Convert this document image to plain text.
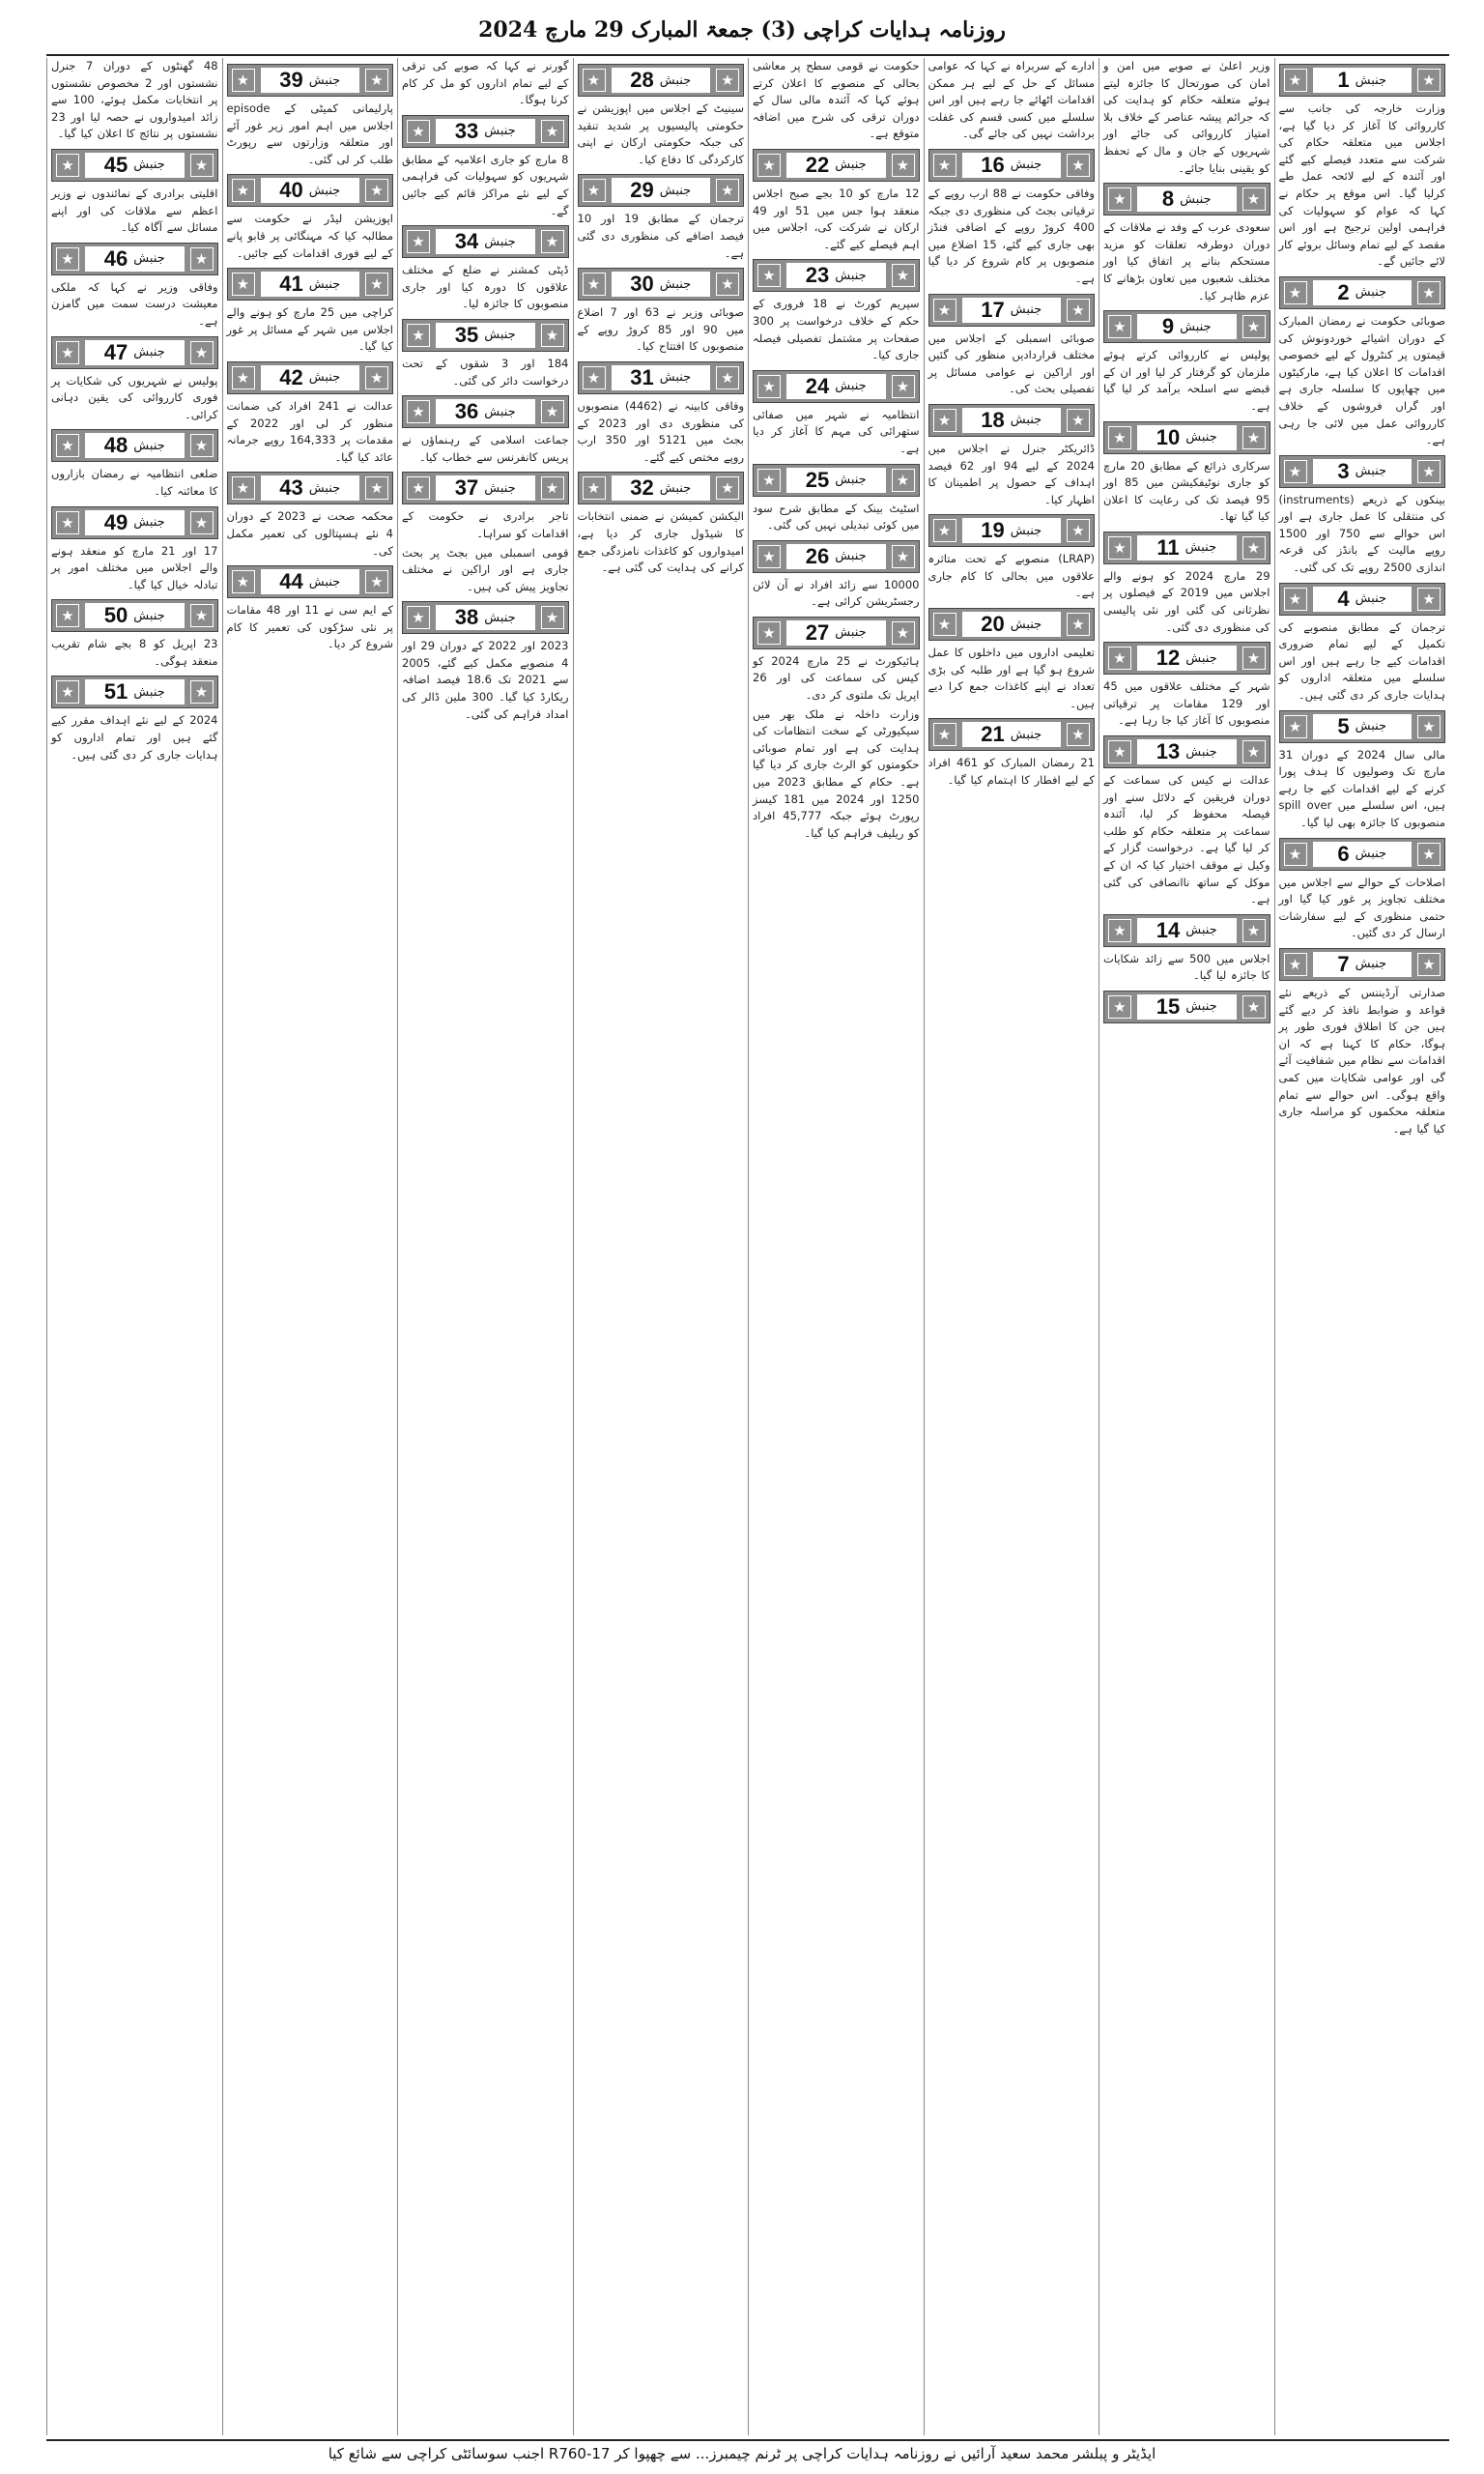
روزنامہ ہدایات کراچی (3) جمعۃ المبارک 29 مارچ 2024
★	جنبش
1	★

وزارت خارجہ کی جانب سے کارروائی کا آغاز کر دیا گیا ہے، اجلاس میں متعلقہ حکام کی شرکت سے متعدد فیصلے کیے گئے اور آئندہ کے لیے لائحہ عمل طے کرلیا گیا۔ اس موقع پر حکام نے کہا کہ عوام کو سہولیات کی فراہمی اولین ترجیح ہے اور اس مقصد کے لیے تمام وسائل بروئے کار لائے جائیں گے۔

★	جنبش
2	★

صوبائی حکومت نے رمضان المبارک کے دوران اشیائے خوردونوش کی قیمتوں پر کنٹرول کے لیے خصوصی اقدامات کا اعلان کیا ہے، مارکیٹوں میں چھاپوں کا سلسلہ جاری ہے اور گراں فروشوں کے خلاف کارروائی عمل میں لائی جا رہی ہے۔

★	جنبش
3	★

بینکوں کے ذریعے (instruments) کی منتقلی کا عمل جاری ہے اور اس حوالے سے 750 اور 1500 روپے مالیت کے بانڈز کی قرعہ اندازی 2500 روپے تک کی گئی۔

★	جنبش
4	★

ترجمان کے مطابق منصوبے کی تکمیل کے لیے تمام ضروری اقدامات کیے جا رہے ہیں اور اس سلسلے میں متعلقہ اداروں کو ہدایات جاری کر دی گئی ہیں۔

★	جنبش
5	★

مالی سال 2024 کے دوران 31 مارچ تک وصولیوں کا ہدف پورا کرنے کے لیے اقدامات کیے جا رہے ہیں، اس سلسلے میں spill over منصوبوں کا جائزہ بھی لیا گیا۔

★	جنبش
6	★

اصلاحات کے حوالے سے اجلاس میں مختلف تجاویز پر غور کیا گیا اور حتمی منظوری کے لیے سفارشات ارسال کر دی گئیں۔

★	جنبش
7	★

صدارتی آرڈیننس کے ذریعے نئے قواعد و ضوابط نافذ کر دیے گئے ہیں جن کا اطلاق فوری طور پر ہوگا، حکام کا کہنا ہے کہ ان اقدامات سے نظام میں شفافیت آئے گی اور عوامی شکایات میں کمی واقع ہوگی۔ اس حوالے سے تمام متعلقہ محکموں کو مراسلہ جاری کیا گیا ہے۔

وزیر اعلیٰ نے صوبے میں امن و امان کی صورتحال کا جائزہ لیتے ہوئے متعلقہ حکام کو ہدایت کی کہ جرائم پیشہ عناصر کے خلاف بلا امتیاز کارروائی کی جائے اور شہریوں کے جان و مال کے تحفظ کو یقینی بنایا جائے۔

★	جنبش
8	★

سعودی عرب کے وفد نے ملاقات کے دوران دوطرفہ تعلقات کو مزید مستحکم بنانے پر اتفاق کیا اور مختلف شعبوں میں تعاون بڑھانے کا عزم ظاہر کیا۔

★	جنبش
9	★

پولیس نے کارروائی کرتے ہوئے ملزمان کو گرفتار کر لیا اور ان کے قبضے سے اسلحہ برآمد کر لیا گیا ہے۔

★	جنبش
10	★

سرکاری ذرائع کے مطابق 20 مارچ کو جاری نوٹیفکیشن میں 85 اور 95 فیصد تک کی رعایت کا اعلان کیا گیا تھا۔

★	جنبش
11	★

29 مارچ 2024 کو ہونے والے اجلاس میں 2019 کے فیصلوں پر نظرثانی کی گئی اور نئی پالیسی کی منظوری دی گئی۔

★	جنبش
12	★

شہر کے مختلف علاقوں میں 45 اور 129 مقامات پر ترقیاتی منصوبوں کا آغاز کیا جا رہا ہے۔

★	جنبش
13	★

عدالت نے کیس کی سماعت کے دوران فریقین کے دلائل سنے اور فیصلہ محفوظ کر لیا، آئندہ سماعت پر متعلقہ حکام کو طلب کر لیا گیا ہے۔ درخواست گزار کے وکیل نے موقف اختیار کیا کہ ان کے موکل کے ساتھ ناانصافی کی گئی ہے۔

★	جنبش
14	★

اجلاس میں 500 سے زائد شکایات کا جائزہ لیا گیا۔

★	جنبش
15	★

ادارے کے سربراہ نے کہا کہ عوامی مسائل کے حل کے لیے ہر ممکن اقدامات اٹھائے جا رہے ہیں اور اس سلسلے میں کسی قسم کی غفلت برداشت نہیں کی جائے گی۔

★	جنبش
16	★

وفاقی حکومت نے 88 ارب روپے کے ترقیاتی بجٹ کی منظوری دی جبکہ 400 کروڑ روپے کے اضافی فنڈز بھی جاری کیے گئے، 15 اضلاع میں منصوبوں پر کام شروع کر دیا گیا ہے۔

★	جنبش
17	★

صوبائی اسمبلی کے اجلاس میں مختلف قراردادیں منظور کی گئیں اور اراکین نے عوامی مسائل پر تفصیلی بحث کی۔

★	جنبش
18	★

ڈائریکٹر جنرل نے اجلاس میں 2024 کے لیے 94 اور 62 فیصد اہداف کے حصول پر اطمینان کا اظہار کیا۔

★	جنبش
19	★

(LRAP) منصوبے کے تحت متاثرہ علاقوں میں بحالی کا کام جاری ہے۔

★	جنبش
20	★

تعلیمی اداروں میں داخلوں کا عمل شروع ہو گیا ہے اور طلبہ کی بڑی تعداد نے اپنے کاغذات جمع کرا دیے ہیں۔

★	جنبش
21	★

21 رمضان المبارک کو 461 افراد کے لیے افطار کا اہتمام کیا گیا۔

حکومت نے قومی سطح پر معاشی بحالی کے منصوبے کا اعلان کرتے ہوئے کہا کہ آئندہ مالی سال کے دوران ترقی کی شرح میں اضافہ متوقع ہے۔

★	جنبش
22	★

12 مارچ کو 10 بجے صبح اجلاس منعقد ہوا جس میں 51 اور 49 ارکان نے شرکت کی، اجلاس میں اہم فیصلے کیے گئے۔

★	جنبش
23	★

سپریم کورٹ نے 18 فروری کے حکم کے خلاف درخواست پر 300 صفحات پر مشتمل تفصیلی فیصلہ جاری کیا۔

★	جنبش
24	★

انتظامیہ نے شہر میں صفائی ستھرائی کی مہم کا آغاز کر دیا ہے۔

★	جنبش
25	★

اسٹیٹ بینک کے مطابق شرح سود میں کوئی تبدیلی نہیں کی گئی۔

★	جنبش
26	★

10000 سے زائد افراد نے آن لائن رجسٹریشن کرائی ہے۔

★	جنبش
27	★

ہائیکورٹ نے 25 مارچ 2024 کو کیس کی سماعت کی اور 26 اپریل تک ملتوی کر دی۔

وزارت داخلہ نے ملک بھر میں سیکیورٹی کے سخت انتظامات کی ہدایت کی ہے اور تمام صوبائی حکومتوں کو الرٹ جاری کر دیا گیا ہے۔ حکام کے مطابق 2023 میں 1250 اور 2024 میں 181 کیسز رپورٹ ہوئے جبکہ 45,777 افراد کو ریلیف فراہم کیا گیا۔

★	جنبش
28	★

سینیٹ کے اجلاس میں اپوزیشن نے حکومتی پالیسیوں پر شدید تنقید کی جبکہ حکومتی ارکان نے اپنی کارکردگی کا دفاع کیا۔

★	جنبش
29	★

ترجمان کے مطابق 19 اور 10 فیصد اضافے کی منظوری دی گئی ہے۔

★	جنبش
30	★

صوبائی وزیر نے 63 اور 7 اضلاع میں 90 اور 85 کروڑ روپے کے منصوبوں کا افتتاح کیا۔

★	جنبش
31	★

وفاقی کابینہ نے (4462) منصوبوں کی منظوری دی اور 2023 کے بجٹ میں 5121 اور 350 ارب روپے مختص کیے گئے۔

★	جنبش
32	★

الیکشن کمیشن نے ضمنی انتخابات کا شیڈول جاری کر دیا ہے، امیدواروں کو کاغذات نامزدگی جمع کرانے کی ہدایت کی گئی ہے۔

گورنر نے کہا کہ صوبے کی ترقی کے لیے تمام اداروں کو مل کر کام کرنا ہوگا۔

★	جنبش
33	★

8 مارچ کو جاری اعلامیہ کے مطابق شہریوں کو سہولیات کی فراہمی کے لیے نئے مراکز قائم کیے جائیں گے۔

★	جنبش
34	★

ڈپٹی کمشنر نے ضلع کے مختلف علاقوں کا دورہ کیا اور جاری منصوبوں کا جائزہ لیا۔

★	جنبش
35	★

184 اور 3 شقوں کے تحت درخواست دائر کی گئی۔

★	جنبش
36	★

جماعت اسلامی کے رہنماؤں نے پریس کانفرنس سے خطاب کیا۔

★	جنبش
37	★

تاجر برادری نے حکومت کے اقدامات کو سراہا۔

قومی اسمبلی میں بجٹ پر بحث جاری ہے اور اراکین نے مختلف تجاویز پیش کی ہیں۔

★	جنبش
38	★

2023 اور 2022 کے دوران 29 اور 4 منصوبے مکمل کیے گئے، 2005 سے 2021 تک 18.6 فیصد اضافہ ریکارڈ کیا گیا۔ 300 ملین ڈالر کی امداد فراہم کی گئی۔

★	جنبش
39	★

پارلیمانی کمیٹی کے episode اجلاس میں اہم امور زیر غور آئے اور متعلقہ وزارتوں سے رپورٹ طلب کر لی گئی۔

★	جنبش
40	★

اپوزیشن لیڈر نے حکومت سے مطالبہ کیا کہ مہنگائی پر قابو پانے کے لیے فوری اقدامات کیے جائیں۔

★	جنبش
41	★

کراچی میں 25 مارچ کو ہونے والے اجلاس میں شہر کے مسائل پر غور کیا گیا۔

★	جنبش
42	★

عدالت نے 241 افراد کی ضمانت منظور کر لی اور 2022 کے مقدمات پر 164,333 روپے جرمانہ عائد کیا گیا۔

★	جنبش
43	★

محکمہ صحت نے 2023 کے دوران 4 نئے ہسپتالوں کی تعمیر مکمل کی۔

★	جنبش
44	★

کے ایم سی نے 11 اور 48 مقامات پر نئی سڑکوں کی تعمیر کا کام شروع کر دیا۔

48 گھنٹوں کے دوران 7 جنرل نشستوں اور 2 مخصوص نشستوں پر انتخابات مکمل ہوئے، 100 سے زائد امیدواروں نے حصہ لیا اور 23 نشستوں پر نتائج کا اعلان کیا گیا۔

★	جنبش
45	★

اقلیتی برادری کے نمائندوں نے وزیر اعظم سے ملاقات کی اور اپنے مسائل سے آگاہ کیا۔

★	جنبش
46	★

وفاقی وزیر نے کہا کہ ملکی معیشت درست سمت میں گامزن ہے۔

★	جنبش
47	★

پولیس نے شہریوں کی شکایات پر فوری کارروائی کی یقین دہانی کرائی۔

★	جنبش
48	★

ضلعی انتظامیہ نے رمضان بازاروں کا معائنہ کیا۔

★	جنبش
49	★

17 اور 21 مارچ کو منعقد ہونے والے اجلاس میں مختلف امور پر تبادلہ خیال کیا گیا۔

★	جنبش
50	★

23 اپریل کو 8 بجے شام تقریب منعقد ہوگی۔

★	جنبش
51	★

2024 کے لیے نئے اہداف مقرر کیے گئے ہیں اور تمام اداروں کو ہدایات جاری کر دی گئی ہیں۔

ایڈیٹر و پبلشر محمد سعید آرائیں نے روزنامہ ہدایات کراچی پر ٹرنم چیمبرز... سے چھپوا کر R760-17 اجنب سوسائٹی کراچی سے شائع کیا
